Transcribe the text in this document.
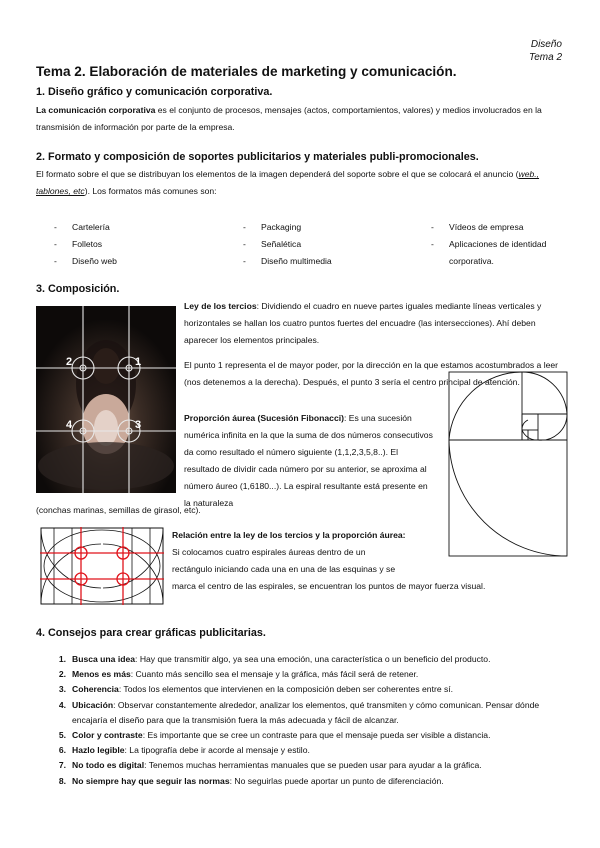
Diseño
Tema 2
Tema 2. Elaboración de materiales de marketing y comunicación.
1. Diseño gráfico y comunicación corporativa.
La comunicación corporativa es el conjunto de procesos, mensajes (actos, comportamientos, valores) y medios involucrados en la transmisión de información por parte de la empresa.
2. Formato y composición de soportes publicitarios y materiales publi-promocionales.
El formato sobre el que se distribuyan los elementos de la imagen dependerá del soporte sobre el que se colocará el anuncio (web., tablones, etc). Los formatos más comunes son:
- Cartelería
- Folletos
- Diseño web
- Packaging
- Señalética
- Diseño multimedia
- Vídeos de empresa
- Aplicaciones de identidad
corporativa.
3. Composición.
1
2
3
4
Ley de los tercios: Dividiendo el cuadro en nueve partes iguales mediante líneas verticales y horizontales se hallan los cuatro puntos fuertes del encuadre (las intersecciones). Ahí deben aparecer los elementos principales.
El punto 1 representa el de mayor poder, por la dirección en la que estamos acostumbrados a leer (nos detenemos a la derecha). Después, el punto 3 sería el centro principal de atención.
Proporción áurea (Sucesión Fibonacci): Es una sucesión numérica infinita en la que la suma de dos números consecutivos da como resultado el número siguiente (1,1,2,3,5,8..). El resultado de dividir cada número por su anterior, se aproxima al número áureo (1,6180...). La espiral resultante está presente en la naturaleza
(conchas marinas, semillas de girasol, etc).
Relación entre la ley de los tercios y la proporción áurea:
Si colocamos cuatro espirales áureas dentro de un
rectángulo iniciando cada una en una de las esquinas y se
marca el centro de las espirales, se encuentran los puntos de mayor fuerza visual.
4. Consejos para crear gráficas publicitarias.
1. Busca una idea: Hay que transmitir algo, ya sea una emoción, una característica o un beneficio del producto.
2. Menos es más: Cuanto más sencillo sea el mensaje y la gráfica, más fácil será de retener.
3. Coherencia: Todos los elementos que intervienen en la composición deben ser coherentes entre sí.
4. Ubicación: Observar constantemente alrededor, analizar los elementos, qué transmiten y cómo comunican. Pensar dónde encajaría el diseño para que la transmisión fuera la más adecuada y fácil de alcanzar.
5. Color y contraste: Es importante que se cree un contraste para que el mensaje pueda ser visible a distancia.
6. Hazlo legible: La tipografía debe ir acorde al mensaje y estilo.
7. No todo es digital: Tenemos muchas herramientas manuales que se pueden usar para ayudar a la gráfica.
8. No siempre hay que seguir las normas: No seguirlas puede aportar un punto de diferenciación.
